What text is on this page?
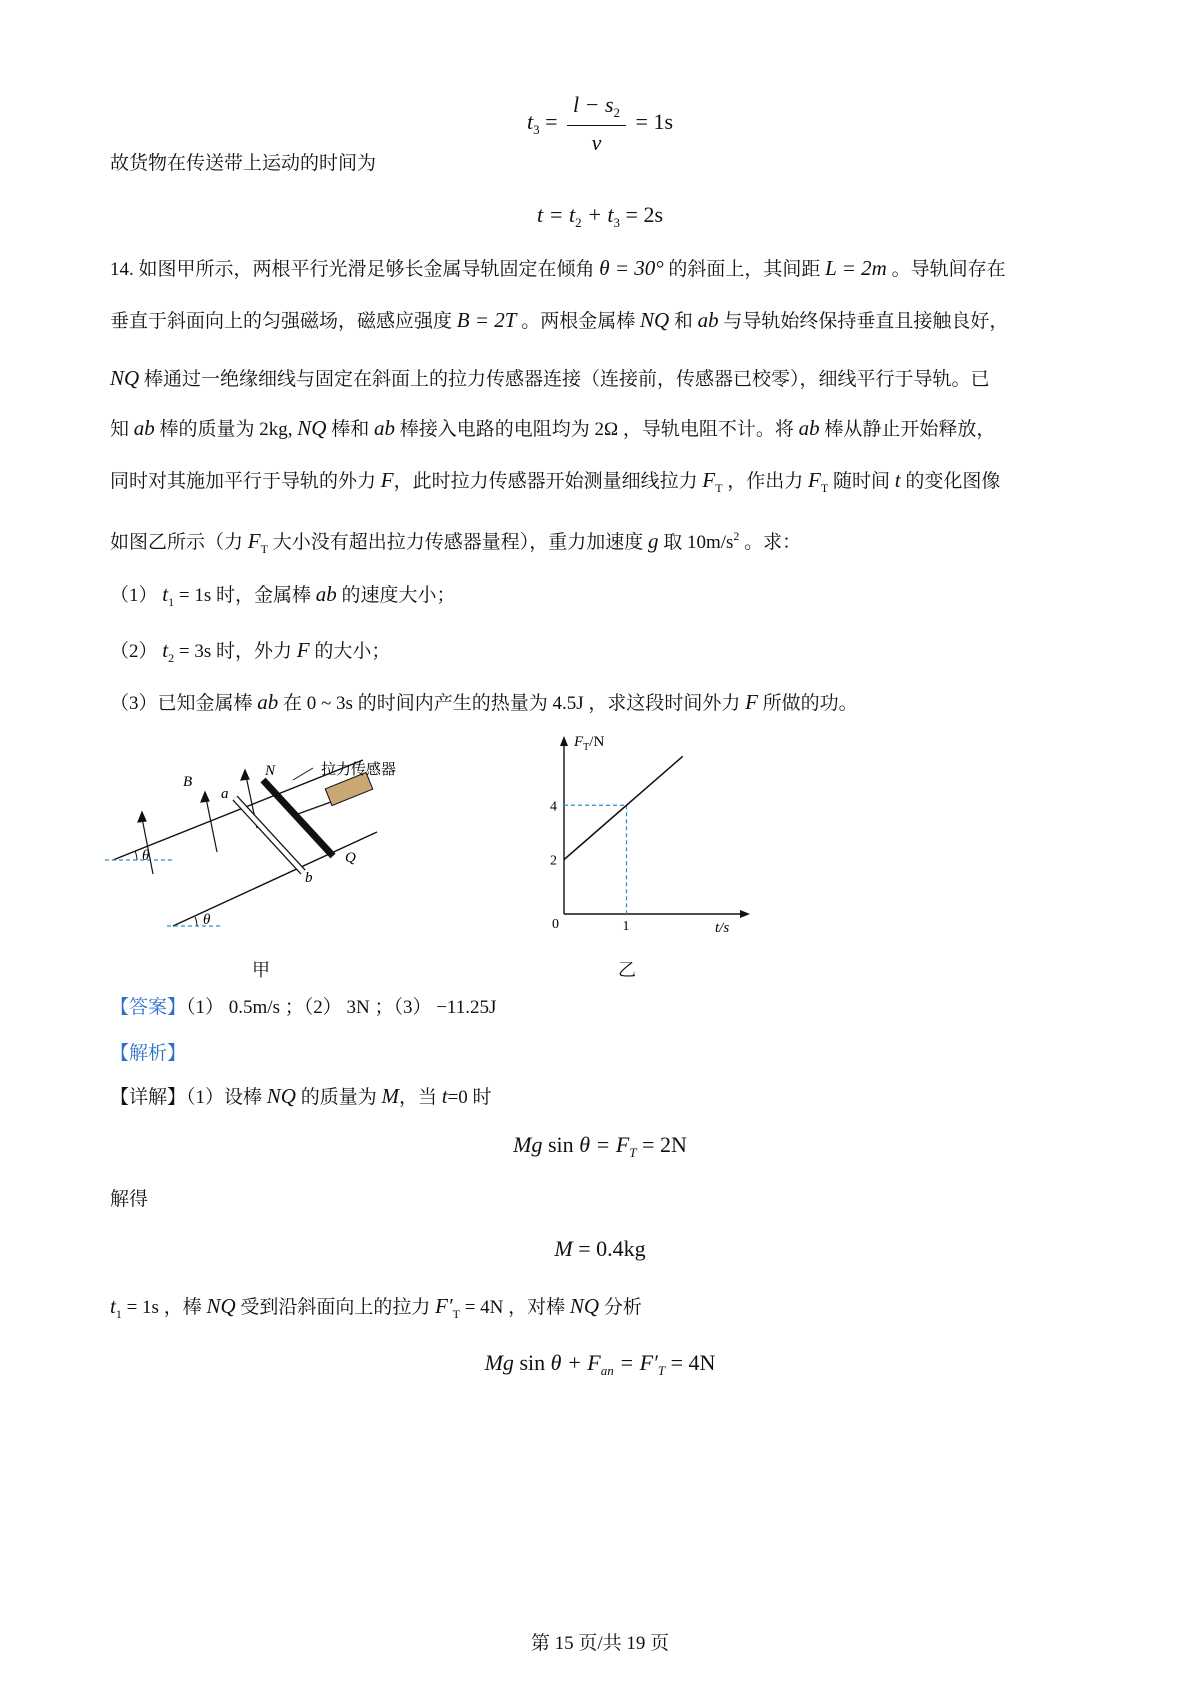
$t_3 = \frac{l - s_2}{v} = 1s$
故货物在传送带上运动的时间为
$t = t_2 + t_3 = 2s$
14. 如图甲所示，两根平行光滑足够长金属导轨固定在倾角 θ = 30° 的斜面上，其间距 L = 2m 。导轨间存在
垂直于斜面向上的匀强磁场，磁感应强度 B = 2T 。两根金属棒 NQ 和 ab 与导轨始终保持垂直且接触良好，
NQ 棒通过一绝缘细线与固定在斜面上的拉力传感器连接（连接前，传感器已校零），细线平行于导轨。已
知 ab 棒的质量为 2kg, NQ 棒和 ab 棒接入电路的电阻均为 2Ω ，导轨电阻不计。将 ab 棒从静止开始释放，
同时对其施加平行于导轨的外力 F，此时拉力传感器开始测量细线拉力 $F_T$ ，作出力 $F_T$ 随时间 t 的变化图像
如图乙所示（力 $F_T$ 大小没有超出拉力传感器量程），重力加速度 g 取 $10m/s^2$ 。求：
（1） $t_1 = 1s$ 时，金属棒 ab 的速度大小；
（2） $t_2 = 3s$ 时，外力 F 的大小；
（3）已知金属棒 ab 在 0 ~ 3s 的时间内产生的热量为 4.5J ，求这段时间外力 F 所做的功。
θ
θ
B
a
b
N
Q
拉力传感器
甲
$F_T/N$
t/s
0
2
4
1
乙
【答案】（1） 0.5m/s ；（2） 3N ；（3） −11.25J
【解析】
【详解】（1）设棒 NQ 的质量为 M，当 t=0 时
Mg $\sin \theta = F_T = 2N$
解得
M = 0.4kg
$t_1 = 1s$ ，棒 NQ 受到沿斜面向上的拉力 $F'_T = 4N$ ，对棒 NQ 分析
Mg $\sin \theta + F_{an} = F'_T = 4N$
第 15 页/共 19 页
